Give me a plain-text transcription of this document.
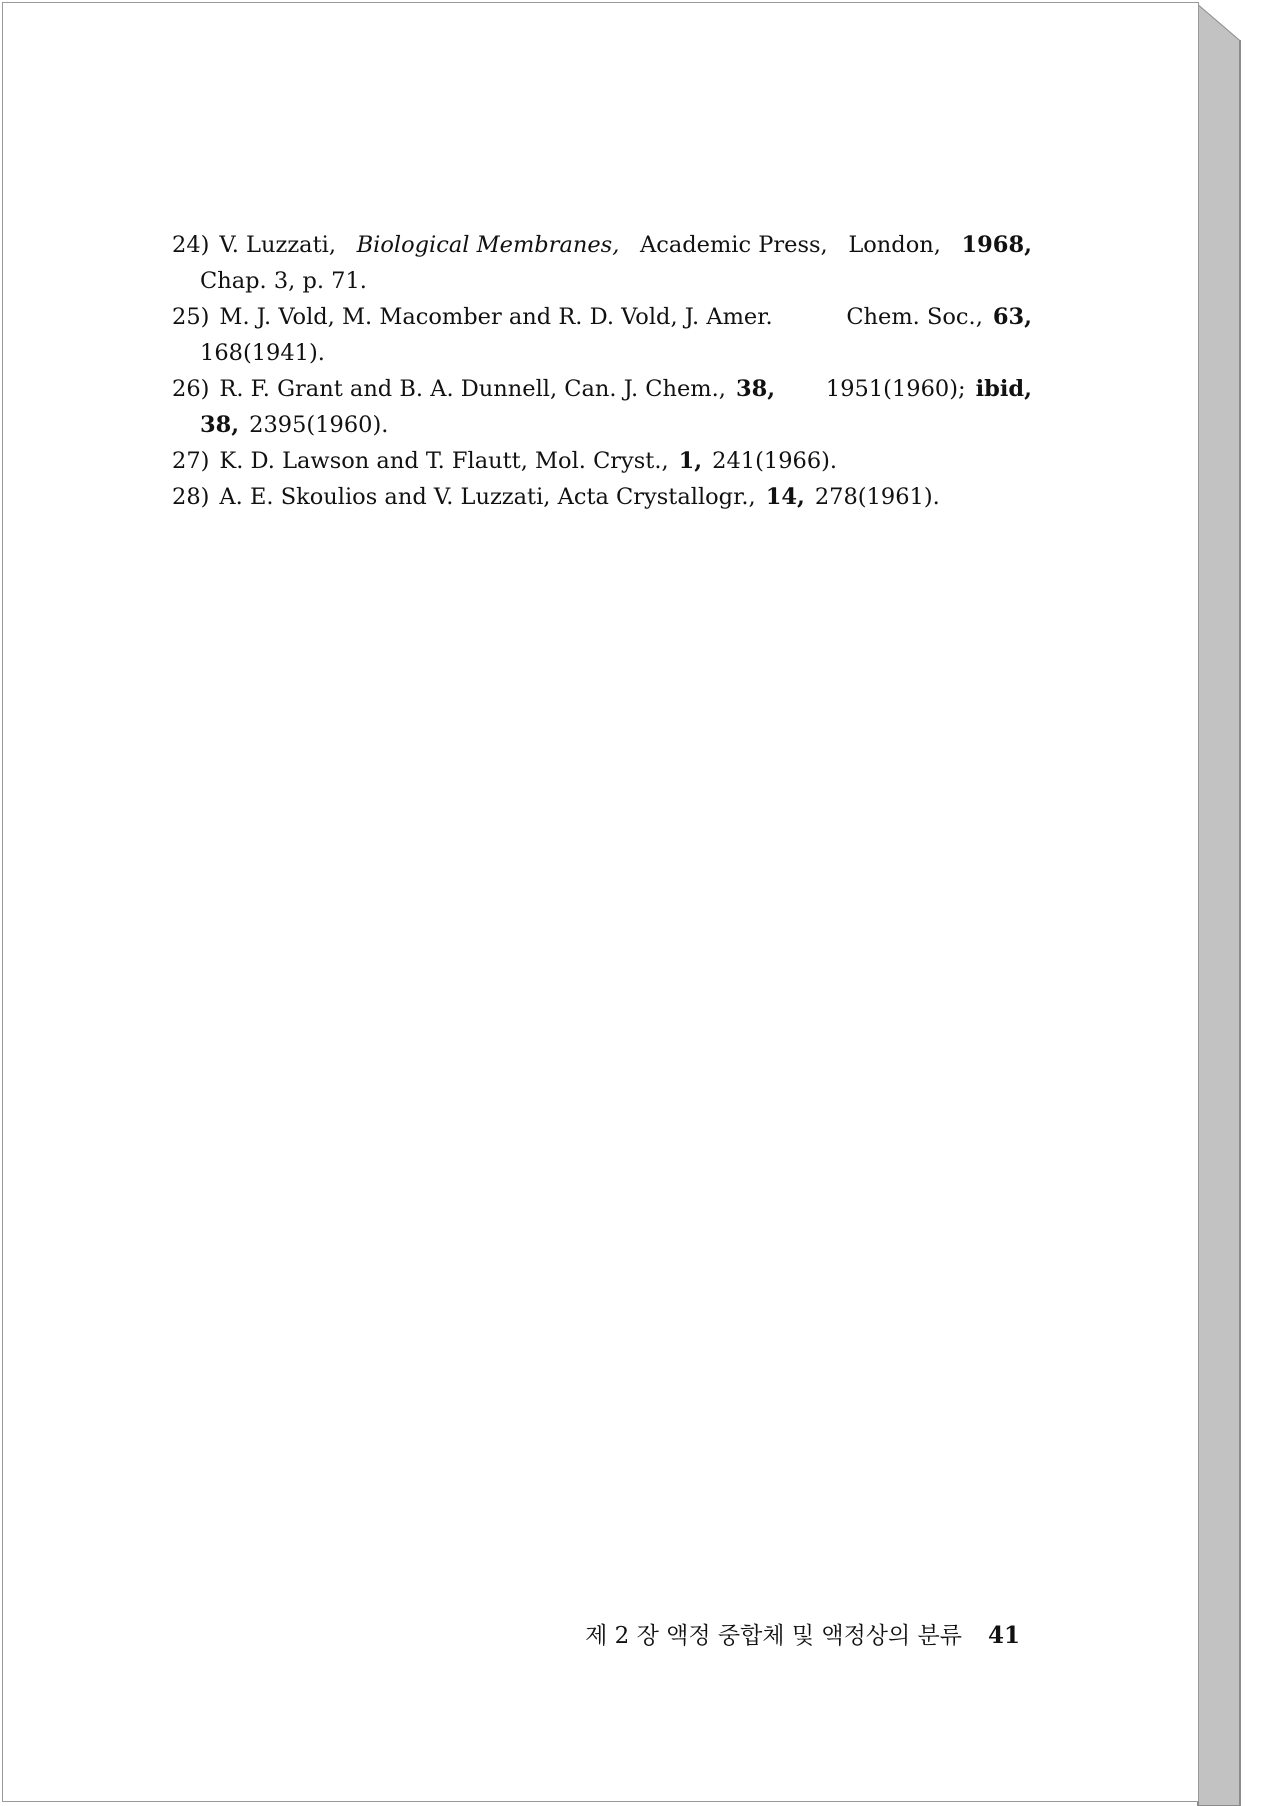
24) V. Luzzati, Biological Membranes, Academic Press, London, 1968,
Chap. 3, p. 71.
25) M. J. Vold, M. Macomber and R. D. Vold, J. Amer.	Chem. Soc., 63,
168(1941).
26) R. F. Grant and B. A. Dunnell, Can. J. Chem., 38, 1951(1960); ibid,
38, 2395(1960).
27) K. D. Lawson and T. Flautt, Mol. Cryst., 1, 241(1966).
28) A. E. Skoulios and V. Luzzati, Acta Crystallogr., 14, 278(1961).
제 2 장 액정 중합체 및 액정상의 분류 41
